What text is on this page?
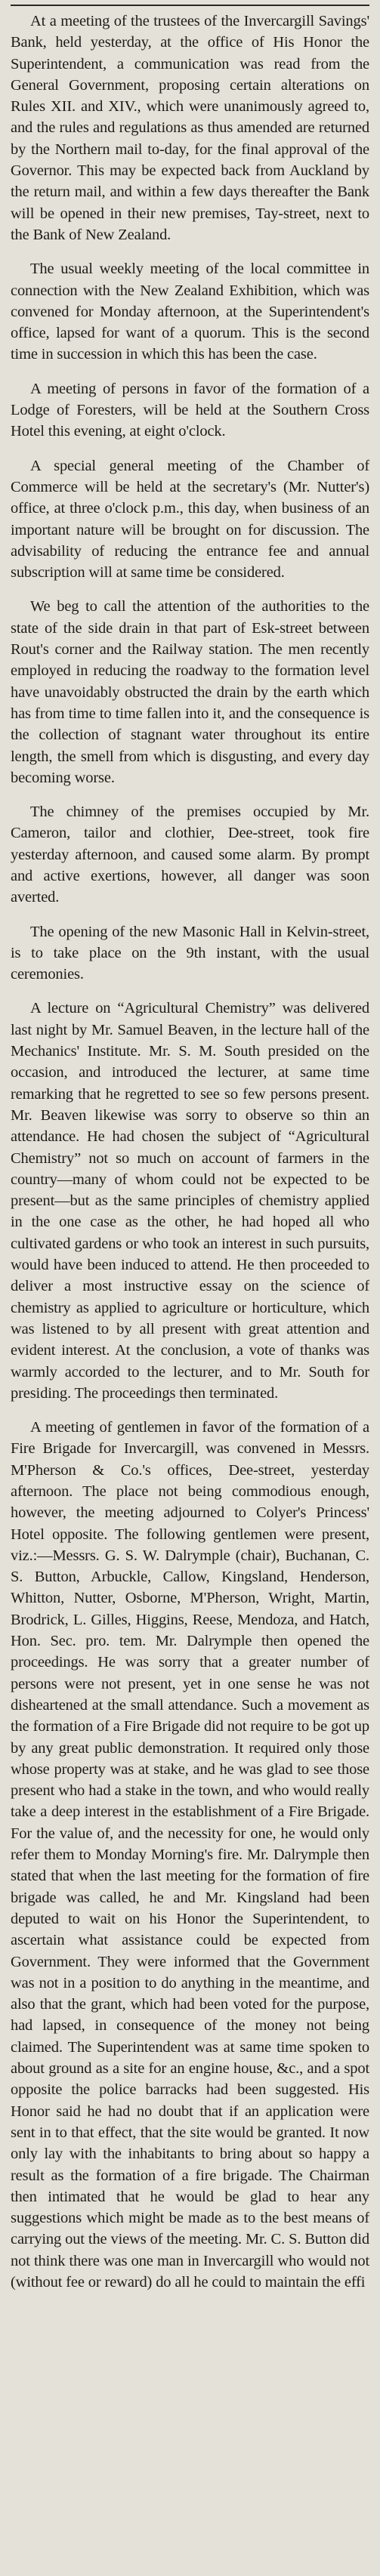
At a meeting of the trustees of the Invercargill Savings' Bank, held yesterday, at the office of His Honor the Superintendent, a communication was read from the General Government, proposing certain alterations on Rules XII. and XIV., which were unanimously agreed to, and the rules and regulations as thus amended are returned by the Northern mail to-day, for the final approval of the Governor. This may be expected back from Auckland by the return mail, and within a few days thereafter the Bank will be opened in their new premises, Tay-street, next to the Bank of New Zealand.

The usual weekly meeting of the local committee in connection with the New Zealand Exhibition, which was convened for Monday afternoon, at the Superintendent's office, lapsed for want of a quorum. This is the second time in succession in which this has been the case.

A meeting of persons in favor of the formation of a Lodge of Foresters, will be held at the Southern Cross Hotel this evening, at eight o'clock.

A special general meeting of the Chamber of Commerce will be held at the secretary's (Mr. Nutter's) office, at three o'clock p.m., this day, when business of an important nature will be brought on for discussion. The advisability of reducing the entrance fee and annual subscription will at same time be considered.

We beg to call the attention of the authorities to the state of the side drain in that part of Esk-street between Rout's corner and the Railway station. The men recently employed in reducing the roadway to the formation level have unavoidably obstructed the drain by the earth which has from time to time fallen into it, and the consequence is the collection of stagnant water throughout its entire length, the smell from which is disgusting, and every day becoming worse.

The chimney of the premises occupied by Mr. Cameron, tailor and clothier, Dee-street, took fire yesterday afternoon, and caused some alarm. By prompt and active exertions, however, all danger was soon averted.

The opening of the new Masonic Hall in Kelvin-street, is to take place on the 9th instant, with the usual ceremonies.

A lecture on “Agricultural Chemistry” was delivered last night by Mr. Samuel Beaven, in the lecture hall of the Mechanics' Institute. Mr. S. M. South presided on the occasion, and introduced the lecturer, at same time remarking that he regretted to see so few persons present. Mr. Beaven likewise was sorry to observe so thin an attendance. He had chosen the subject of “Agricultural Chemistry” not so much on account of farmers in the country—many of whom could not be expected to be present—but as the same principles of chemistry applied in the one case as the other, he had hoped all who cultivated gardens or who took an interest in such pursuits, would have been induced to attend. He then proceeded to deliver a most instructive essay on the science of chemistry as applied to agriculture or horticulture, which was listened to by all present with great attention and evident interest. At the conclusion, a vote of thanks was warmly accorded to the lecturer, and to Mr. South for presiding. The proceedings then terminated.

A meeting of gentlemen in favor of the formation of a Fire Brigade for Invercargill, was convened in Messrs. M'Pherson & Co.'s offices, Dee-street, yesterday afternoon. The place not being commodious enough, however, the meeting adjourned to Colyer's Princess' Hotel opposite. The following gentlemen were present, viz.:—Messrs. G. S. W. Dalrymple (chair), Buchanan, C. S. Button, Arbuckle, Callow, Kingsland, Henderson, Whitton, Nutter, Osborne, M'Pherson, Wright, Martin, Brodrick, L. Gilles, Higgins, Reese, Mendoza, and Hatch, Hon. Sec. pro. tem. Mr. Dalrymple then opened the proceedings. He was sorry that a greater number of persons were not present, yet in one sense he was not disheartened at the small attendance. Such a movement as the formation of a Fire Brigade did not require to be got up by any great public demonstration. It required only those whose property was at stake, and he was glad to see those present who had a stake in the town, and who would really take a deep interest in the establishment of a Fire Brigade. For the value of, and the necessity for one, he would only refer them to Monday Morning's fire. Mr. Dalrymple then stated that when the last meeting for the formation of fire brigade was called, he and Mr. Kingsland had been deputed to wait on his Honor the Superintendent, to ascertain what assistance could be expected from Government. They were informed that the Government was not in a position to do anything in the meantime, and also that the grant, which had been voted for the purpose, had lapsed, in consequence of the money not being claimed. The Superintendent was at same time spoken to about ground as a site for an engine house, &c., and a spot opposite the police barracks had been suggested. His Honor said he had no doubt that if an application were sent in to that effect, that the site would be granted. It now only lay with the inhabitants to bring about so happy a result as the formation of a fire brigade. The Chairman then intimated that he would be glad to hear any suggestions which might be made as to the best means of carrying out the views of the meeting. Mr. C. S. Button did not think there was one man in Invercargill who would not (without fee or reward) do all he could to maintain the effi
